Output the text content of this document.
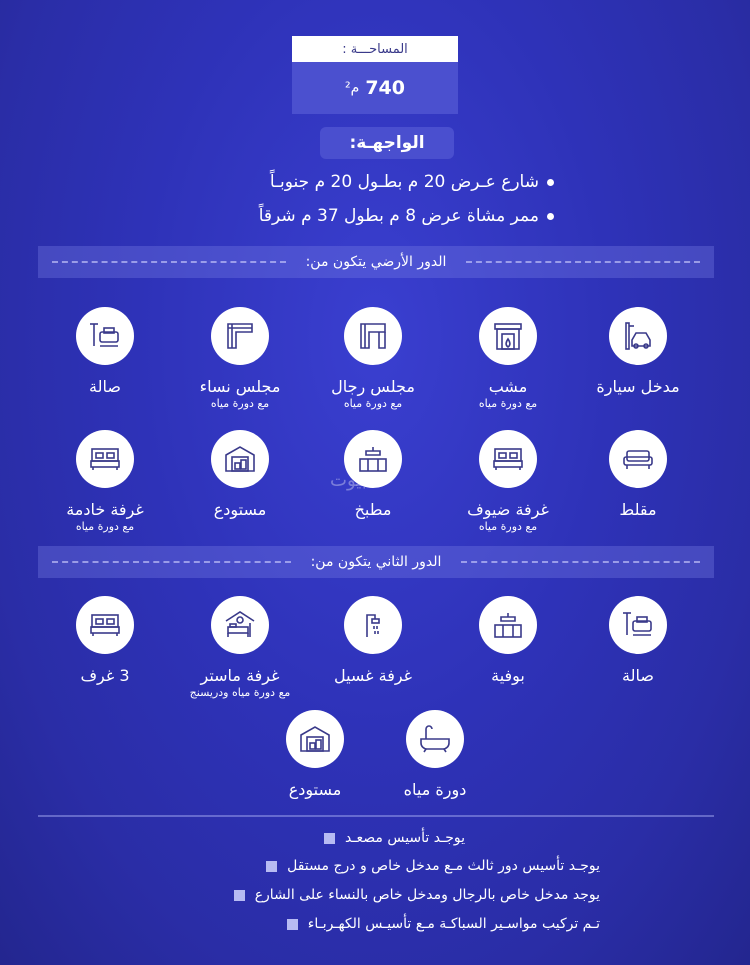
المساحـــة :
740
م²
الواجهـة:
شارع عـرض 20 م بطـول 20 م جنوبـاً
ممر مشاة عرض 8 م بطول 37 م شرقاً
الدور الأرضي يتكون من:
مدخل سيارة
مشب
مع دورة مياه
مجلس رجال
مع دورة مياه
مجلس نساء
مع دورة مياه
صالة
مقلط
غرفة ضيوف
مع دورة مياه
مطبخ
مستودع
غرفة خادمة
مع دورة مياه
بيوت
الدور الثاني يتكون من:
صالة
بوفية
غرفة غسيل
غرفة ماستر
مع دورة مياه ودريسنج
3 غرف
دورة مياه
مستودع
يوجـد تأسيس مصعـد
يوجـد تأسيس دور ثالث مـع مدخل خاص و درج مستقل
يوجد مدخل خاص بالرجال ومدخل خاص بالنساء على الشارع
تـم تركيب مواسـير السباكـة مـع تأسيـس الكهـربـاء
